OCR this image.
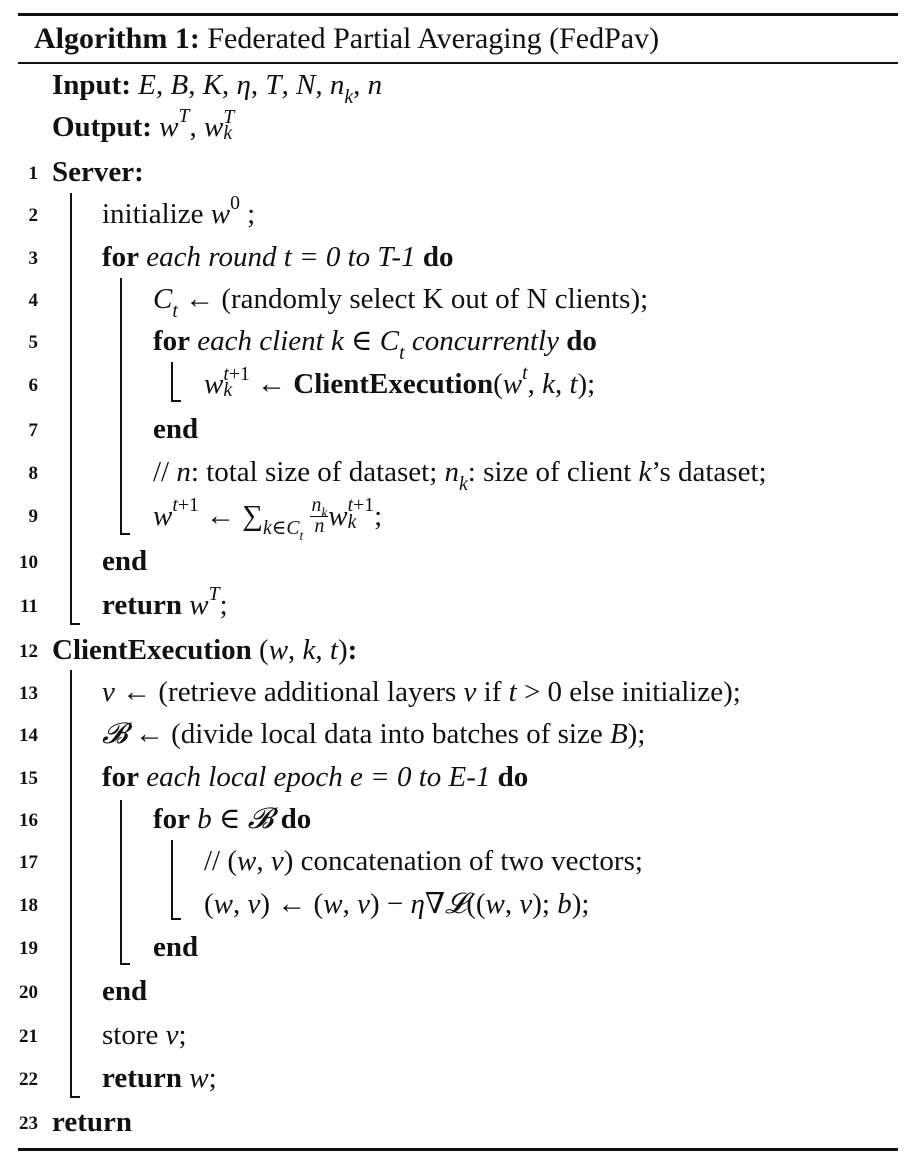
Algorithm 1: Federated Partial Averaging (FedPav)
Input: E, B, K, η, T, N, $n_k$, n
Output: $w^T$, w T
k
1
2
3
4
5
6
7
8
9
10
11
12
13
14
15
16
17
18
19
20
21
22
23
Server:
initialize $w^0$ ;
for each round t = 0 to T-1 do
$C_t$ ← (randomly select K out of N clients);
for each client k ∈ $C_t$ concurrently do
w t+1
k ← $ClientExecution(w^t$, k, t);
end
// n: total size of dataset; $n_k$: size of client k’s dataset;
$w^{t+1}$ ← $\sum_{k\in C_t} \frac{n_k}{n}$ w t+1
k ;
end
return $w^T$;
ClientExecution (w, k, t):
v ← (retrieve additional layers v if t > 0 else initialize);
𝓑 ← (divide local data into batches of size B);
for each local epoch e = 0 to E-1 do
for b ∈ 𝓑 do
// (w, v) concatenation of two vectors;
(w, v) ← (w, v) − η∇𝓛((w, v); b);
end
end
store v;
return w;
return
